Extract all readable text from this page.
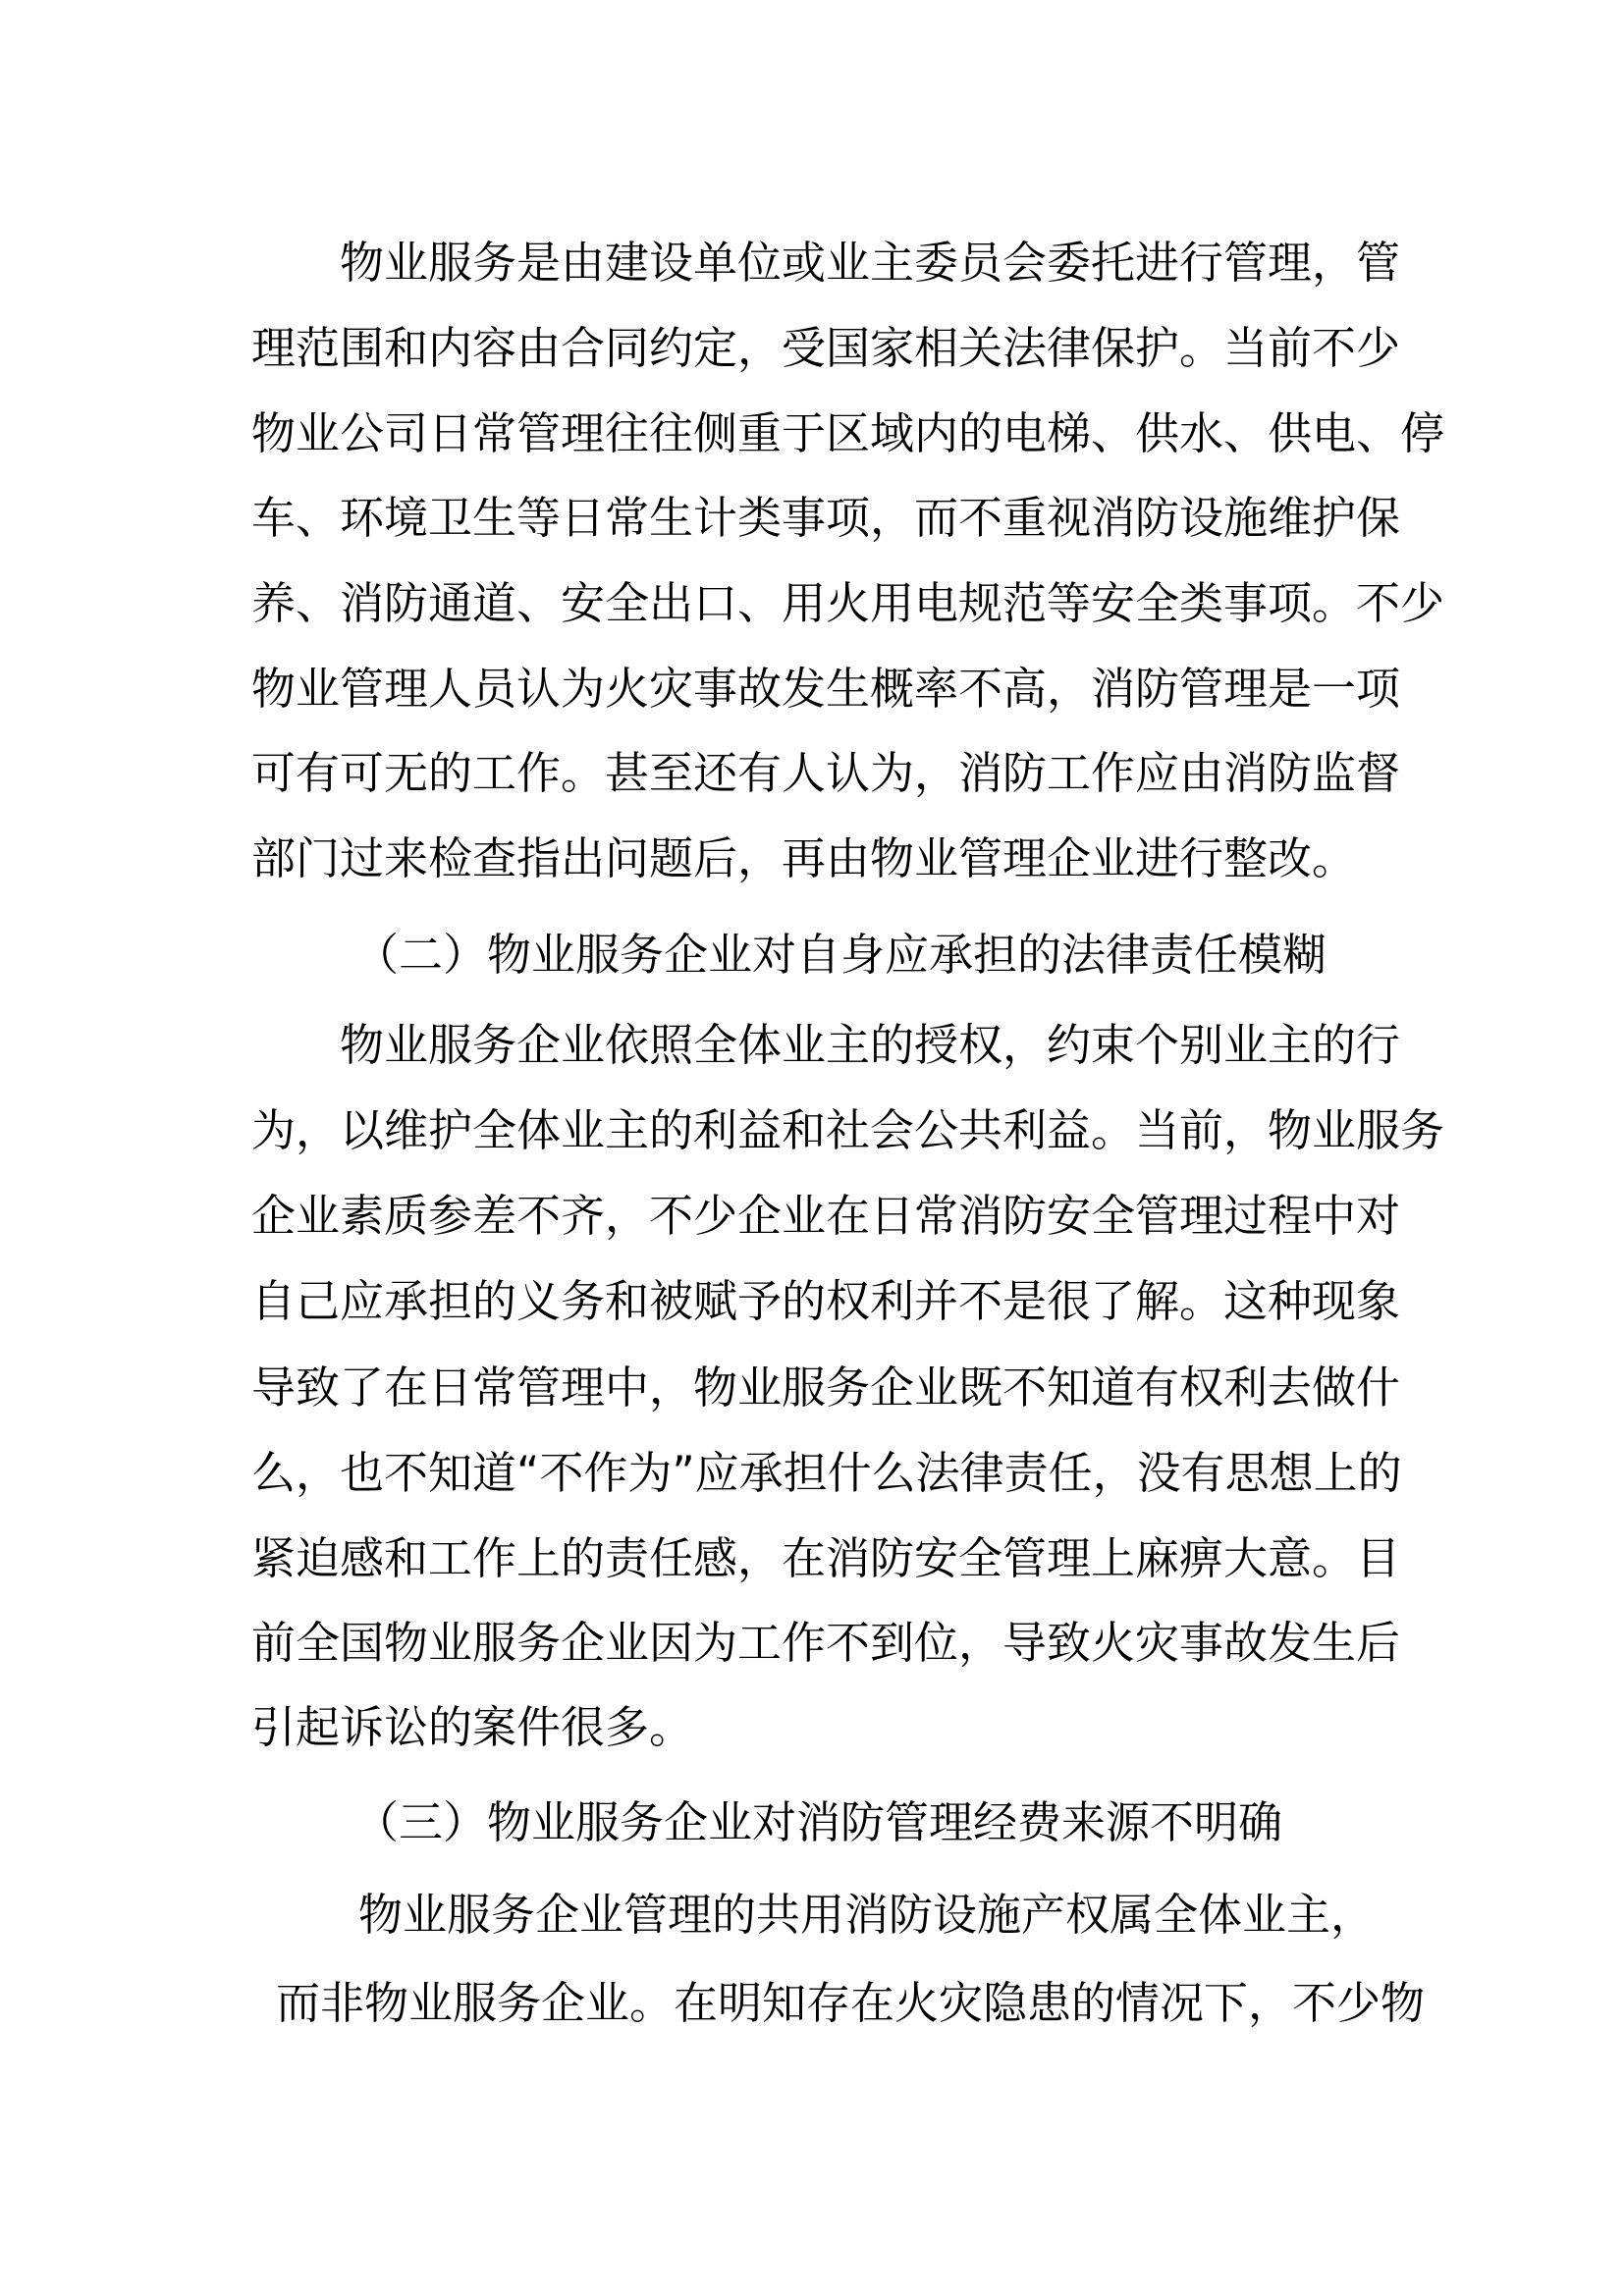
物业服务是由建设单位或业主委员会委托进行管理，管
理范围和内容由合同约定，受国家相关法律保护。当前不少
物业公司日常管理往往侧重于区域内的电梯、供水、供电、停
车、环境卫生等日常生计类事项，而不重视消防设施维护保
养、消防通道、安全出口、用火用电规范等安全类事项。不少
物业管理人员认为火灾事故发生概率不高，消防管理是一项
可有可无的工作。甚至还有人认为，消防工作应由消防监督
部门过来检查指出问题后，再由物业管理企业进行整改。
（二）物业服务企业对自身应承担的法律责任模糊
物业服务企业依照全体业主的授权，约束个别业主的行
为，以维护全体业主的利益和社会公共利益。当前，物业服务
企业素质参差不齐，不少企业在日常消防安全管理过程中对
自己应承担的义务和被赋予的权利并不是很了解。这种现象
导致了在日常管理中，物业服务企业既不知道有权利去做什
么，也不知道“不作为”应承担什么法律责任，没有思想上的
紧迫感和工作上的责任感，在消防安全管理上麻痹大意。目
前全国物业服务企业因为工作不到位，导致火灾事故发生后
引起诉讼的案件很多。
（三）物业服务企业对消防管理经费来源不明确
物业服务企业管理的共用消防设施产权属全体业主，
而非物业服务企业。在明知存在火灾隐患的情况下，不少物
